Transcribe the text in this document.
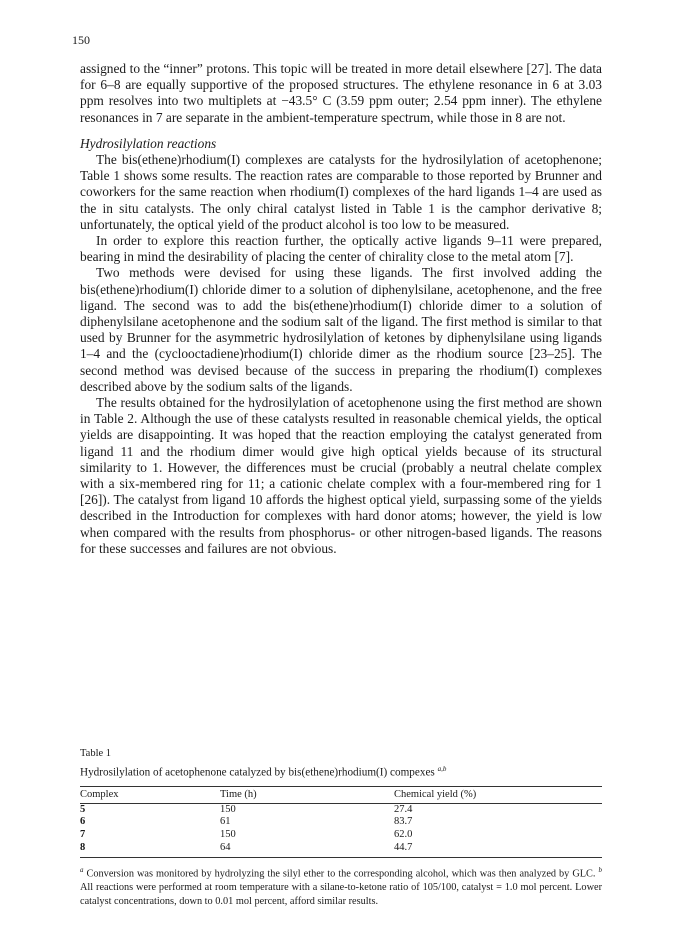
150

assigned to the “inner” protons. This topic will be treated in more detail elsewhere [27]. The data for 6–8 are equally supportive of the proposed structures. The ethylene resonance in 6 at 3.03 ppm resolves into two multiplets at −43.5° C (3.59 ppm outer; 2.54 ppm inner). The ethylene resonances in 7 are separate in the ambient-temperature spectrum, while those in 8 are not.

Hydrosilylation reactions

The bis(ethene)rhodium(I) complexes are catalysts for the hydrosilylation of acetophenone; Table 1 shows some results. The reaction rates are comparable to those reported by Brunner and coworkers for the same reaction when rhodium(I) complexes of the hard ligands 1–4 are used as the in situ catalysts. The only chiral catalyst listed in Table 1 is the camphor derivative 8; unfortunately, the optical yield of the product alcohol is too low to be measured.

In order to explore this reaction further, the optically active ligands 9–11 were prepared, bearing in mind the desirability of placing the center of chirality close to the metal atom [7].

Two methods were devised for using these ligands. The first involved adding the bis(ethene)rhodium(I) chloride dimer to a solution of diphenylsilane, acetophenone, and the free ligand. The second was to add the bis(ethene)rhodium(I) chloride dimer to a solution of diphenylsilane acetophenone and the sodium salt of the ligand. The first method is similar to that used by Brunner for the asymmetric hydrosilylation of ketones by diphenylsilane using ligands 1–4 and the (cyclooctadiene)rhodium(I) chloride dimer as the rhodium source [23–25]. The second method was devised because of the success in preparing the rhodium(I) complexes described above by the sodium salts of the ligands.

The results obtained for the hydrosilylation of acetophenone using the first method are shown in Table 2. Although the use of these catalysts resulted in reasonable chemical yields, the optical yields are disappointing. It was hoped that the reaction employing the catalyst generated from ligand 11 and the rhodium dimer would give high optical yields because of its structural similarity to 1. However, the differences must be crucial (probably a neutral chelate complex with a six-membered ring for 11; a cationic chelate complex with a four-membered ring for 1 [26]). The catalyst from ligand 10 affords the highest optical yield, surpassing some of the yields described in the Introduction for complexes with hard donor atoms; however, the yield is low when compared with the results from phosphorus- or other nitrogen-based ligands. The reasons for these successes and failures are not obvious.

Table 1
Hydrosilylation of acetophenone catalyzed by bis(ethene)rhodium(I) compexes $^{a,b}$
Complex	Time (h)	Chemical yield (%)
5	150	27.4
6	61	83.7
7	150	62.0
8	64	44.7
$^a$ Conversion was monitored by hydrolyzing the silyl ether to the corresponding alcohol, which was then analyzed by GLC. $^b$ All reactions were performed at room temperature with a silane-to-ketone ratio of 105/100, catalyst = 1.0 mol percent. Lower catalyst concentrations, down to 0.01 mol percent, afford similar results.
